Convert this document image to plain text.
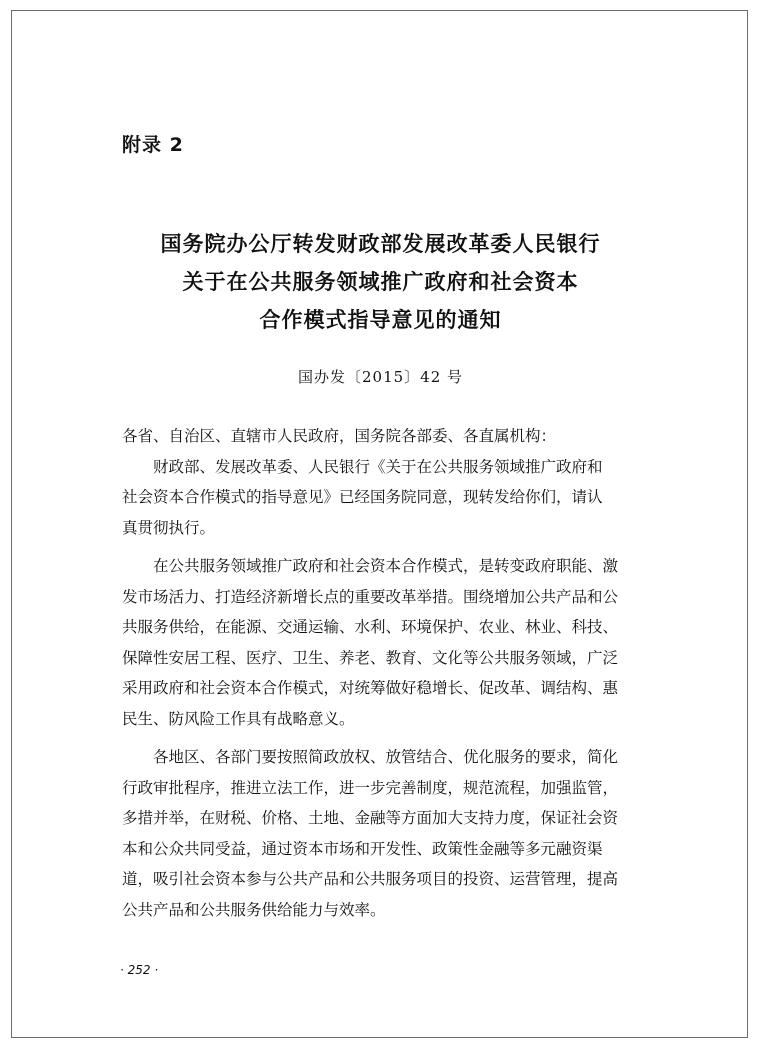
附录 2
国务院办公厅转发财政部发展改革委人民银行
关于在公共服务领域推广政府和社会资本
合作模式指导意见的通知
国办发〔2015〕42 号
各省、自治区、直辖市人民政府，国务院各部委、各直属机构：
　　财政部、发展改革委、人民银行《关于在公共服务领域推广政府和
社会资本合作模式的指导意见》已经国务院同意，现转发给你们，请认
真贯彻执行。
　　在公共服务领域推广政府和社会资本合作模式，是转变政府职能、激
发市场活力、打造经济新增长点的重要改革举措。围绕增加公共产品和公
共服务供给，在能源、交通运输、水利、环境保护、农业、林业、科技、
保障性安居工程、医疗、卫生、养老、教育、文化等公共服务领域，广泛
采用政府和社会资本合作模式，对统筹做好稳增长、促改革、调结构、惠
民生、防风险工作具有战略意义。
　　各地区、各部门要按照简政放权、放管结合、优化服务的要求，简化
行政审批程序，推进立法工作，进一步完善制度，规范流程，加强监管，
多措并举，在财税、价格、土地、金融等方面加大支持力度，保证社会资
本和公众共同受益，通过资本市场和开发性、政策性金融等多元融资渠
道，吸引社会资本参与公共产品和公共服务项目的投资、运营管理，提高
公共产品和公共服务供给能力与效率。
· 252 ·
